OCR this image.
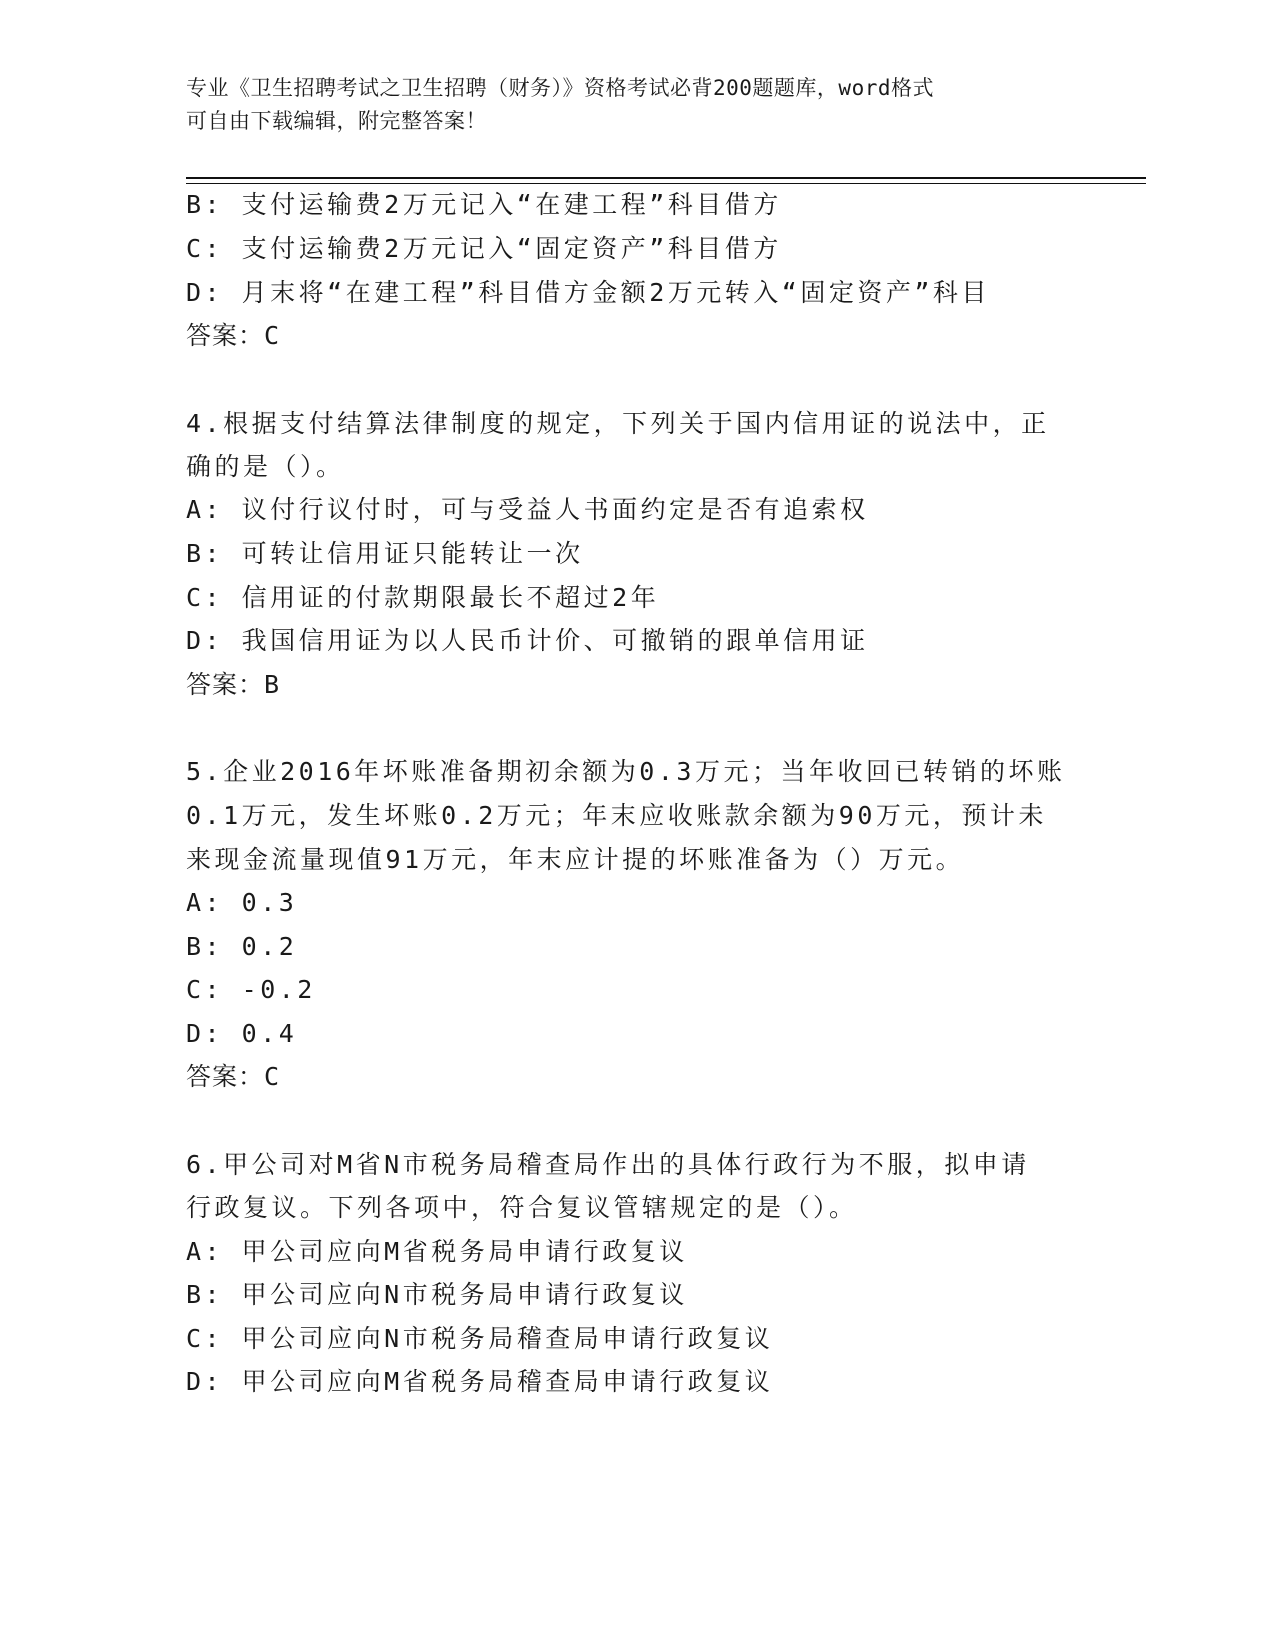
专业《卫生招聘考试之卫生招聘（财务）》资格考试必背200题题库，word格式
可自由下载编辑，附完整答案！
B: 支付运输费2万元记入“在建工程”科目借方
C: 支付运输费2万元记入“固定资产”科目借方
D: 月末将“在建工程”科目借方金额2万元转入“固定资产”科目
答案：C
4.根据支付结算法律制度的规定，下列关于国内信用证的说法中，正
确的是（）。
A: 议付行议付时，可与受益人书面约定是否有追索权
B: 可转让信用证只能转让一次
C: 信用证的付款期限最长不超过2年
D: 我国信用证为以人民币计价、可撤销的跟单信用证
答案：B
5.企业2016年坏账准备期初余额为0.3万元；当年收回已转销的坏账
0.1万元，发生坏账0.2万元；年末应收账款余额为90万元，预计未
来现金流量现值91万元，年末应计提的坏账准备为（）万元。
A: 0.3
B: 0.2
C: -0.2
D: 0.4
答案：C
6.甲公司对M省N市税务局稽查局作出的具体行政行为不服，拟申请
行政复议。下列各项中，符合复议管辖规定的是（）。
A: 甲公司应向M省税务局申请行政复议
B: 甲公司应向N市税务局申请行政复议
C: 甲公司应向N市税务局稽查局申请行政复议
D: 甲公司应向M省税务局稽查局申请行政复议
